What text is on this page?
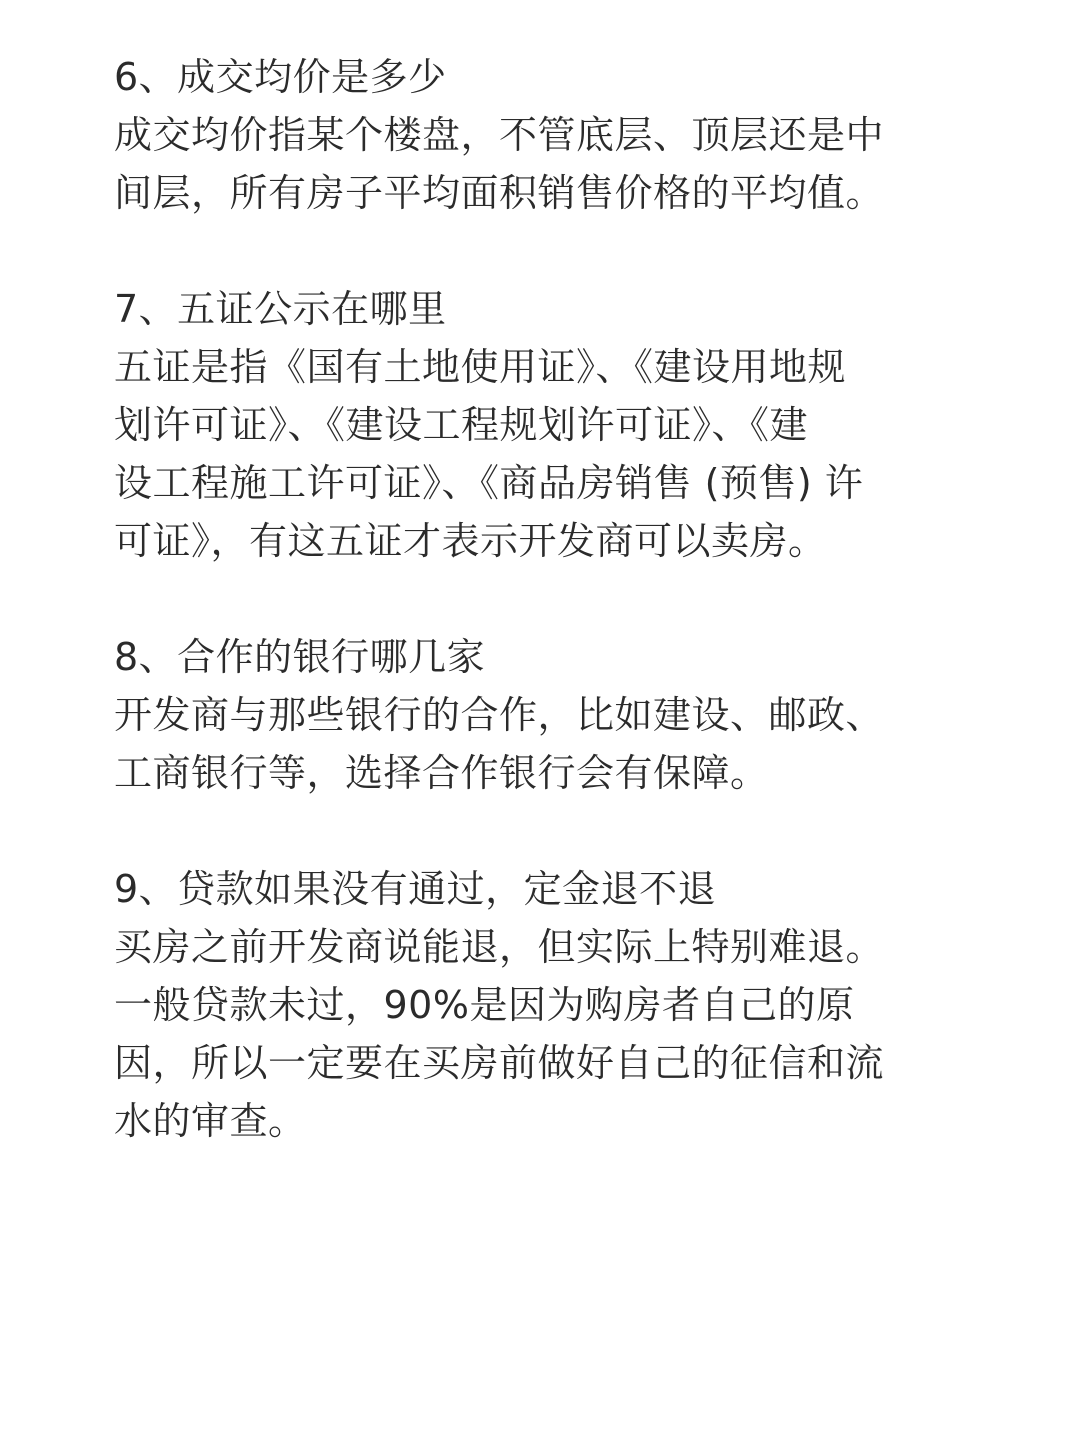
6、成交均价是多少
成交均价指某个楼盘，不管底层、顶层还是中
间层，所有房子平均面积销售价格的平均值。
7、五证公示在哪里
五证是指《国有土地使用证》、《建设用地规
划许可证》、《建设工程规划许可证》、《建
设工程施工许可证》、《商品房销售 (预售) 许
可证》，有这五证才表示开发商可以卖房。
8、合作的银行哪几家
开发商与那些银行的合作，比如建设、邮政、
工商银行等，选择合作银行会有保障。
9、贷款如果没有通过，定金退不退
买房之前开发商说能退，但实际上特别难退。
一般贷款未过，90%是因为购房者自己的原
因，所以一定要在买房前做好自己的征信和流
水的审查。
